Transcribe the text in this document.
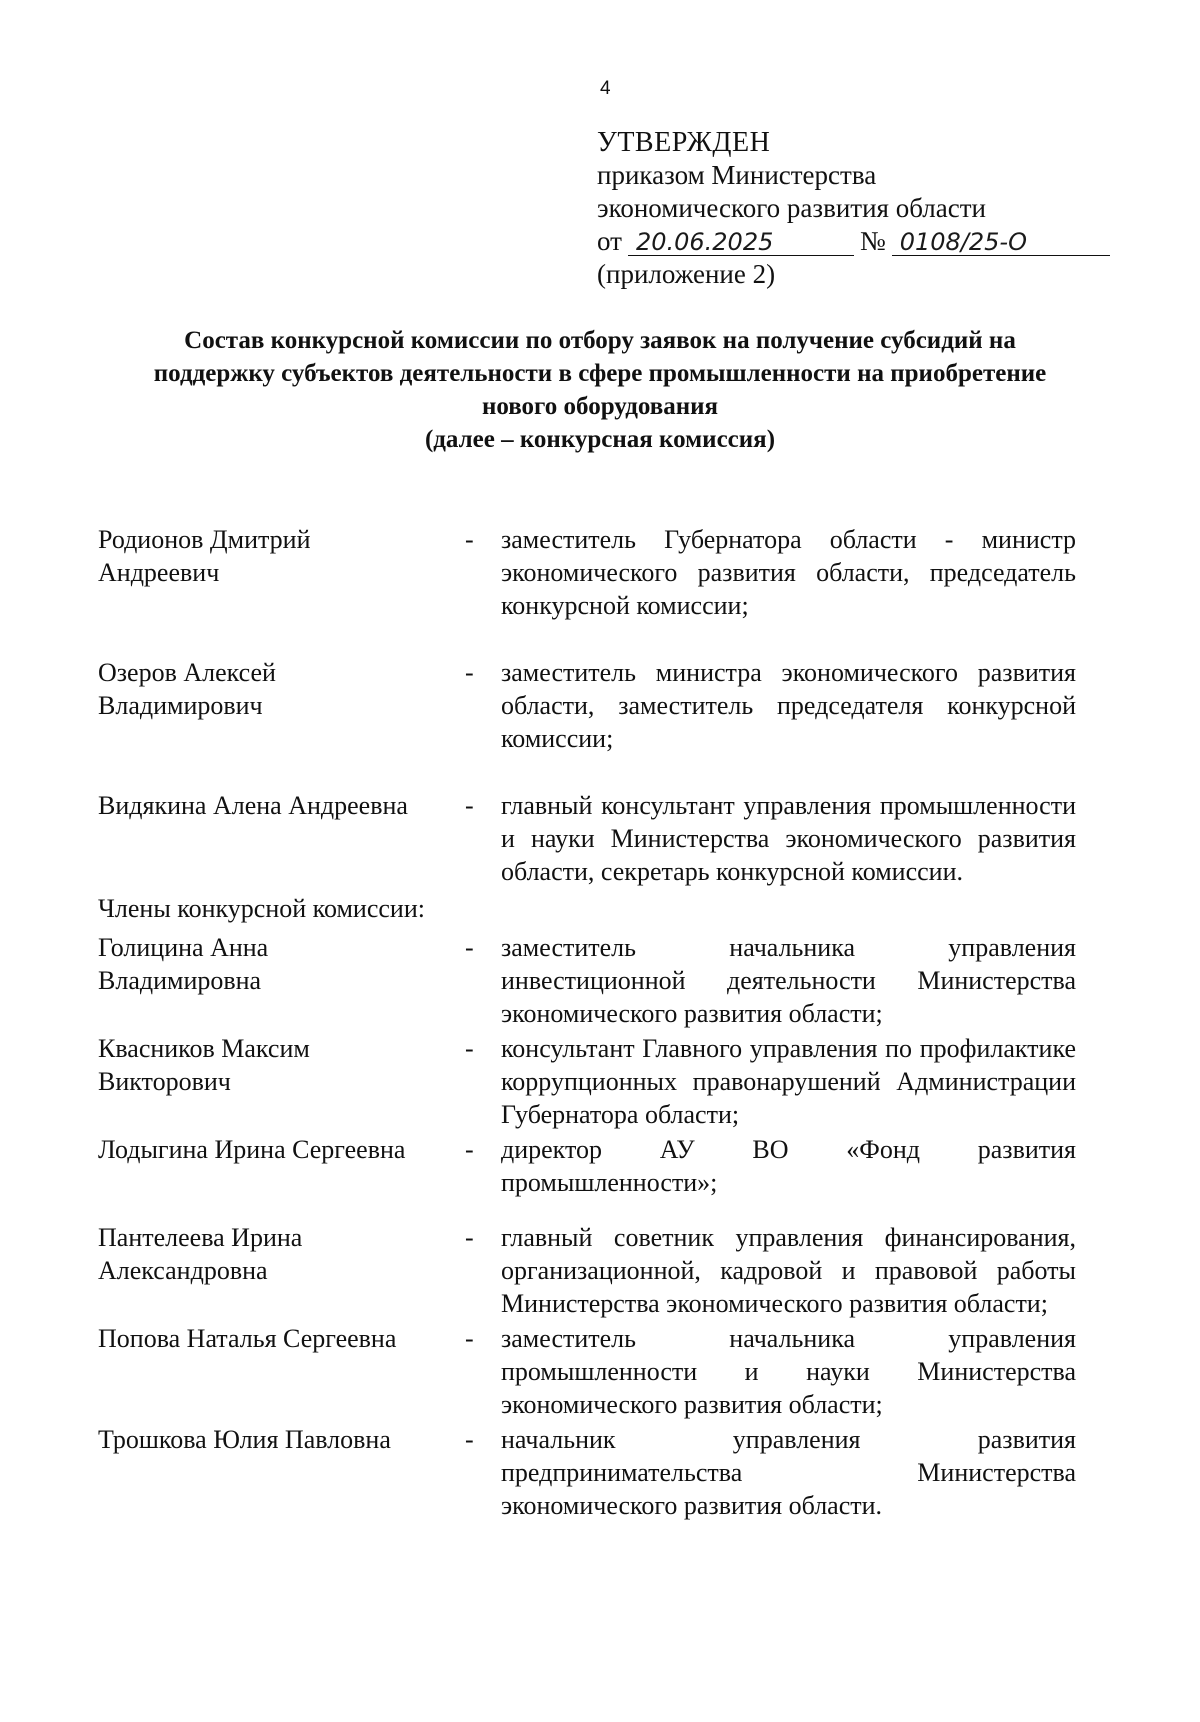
4
УТВЕРЖДЕН
приказом Министерства
экономического развития области
от 20.06.2025	№ 0108/25-О
(приложение 2)
Состав конкурсной комиссии по отбору заявок на получение субсидий на
поддержку субъектов деятельности в сфере промышленности на приобретение
нового оборудования
(далее – конкурсная комиссия)
Родионов Дмитрий
Андреевич
-	заместитель Губернатора области - министр экономического развития области, председатель конкурсной комиссии;
Озеров Алексей
Владимирович
-	заместитель министра экономического развития области, заместитель председателя конкурсной комиссии;
Видякина Алена Андреевна	-	главный консультант управления промышленности и науки Министерства экономического развития области, секретарь конкурсной комиссии.
Члены конкурсной комиссии:
Голицина Анна
Владимировна
-	заместитель начальника управления инвестиционной деятельности Министерства экономического развития области;
Квасников Максим
Викторович
-	консультант Главного управления по профилактике коррупционных правонарушений Администрации Губернатора области;
Лодыгина Ирина Сергеевна	-	директор АУ ВО «Фонд развития промышленности»;
Пантелеева Ирина
Александровна
-	главный советник управления финансирования, организационной, кадровой и правовой работы Министерства экономического развития области;
Попова Наталья Сергеевна	-	заместитель начальника управления промышленности и науки Министерства экономического развития области;
Трошкова Юлия Павловна	-	начальник управления развития предпринимательства Министерства экономического развития области.
